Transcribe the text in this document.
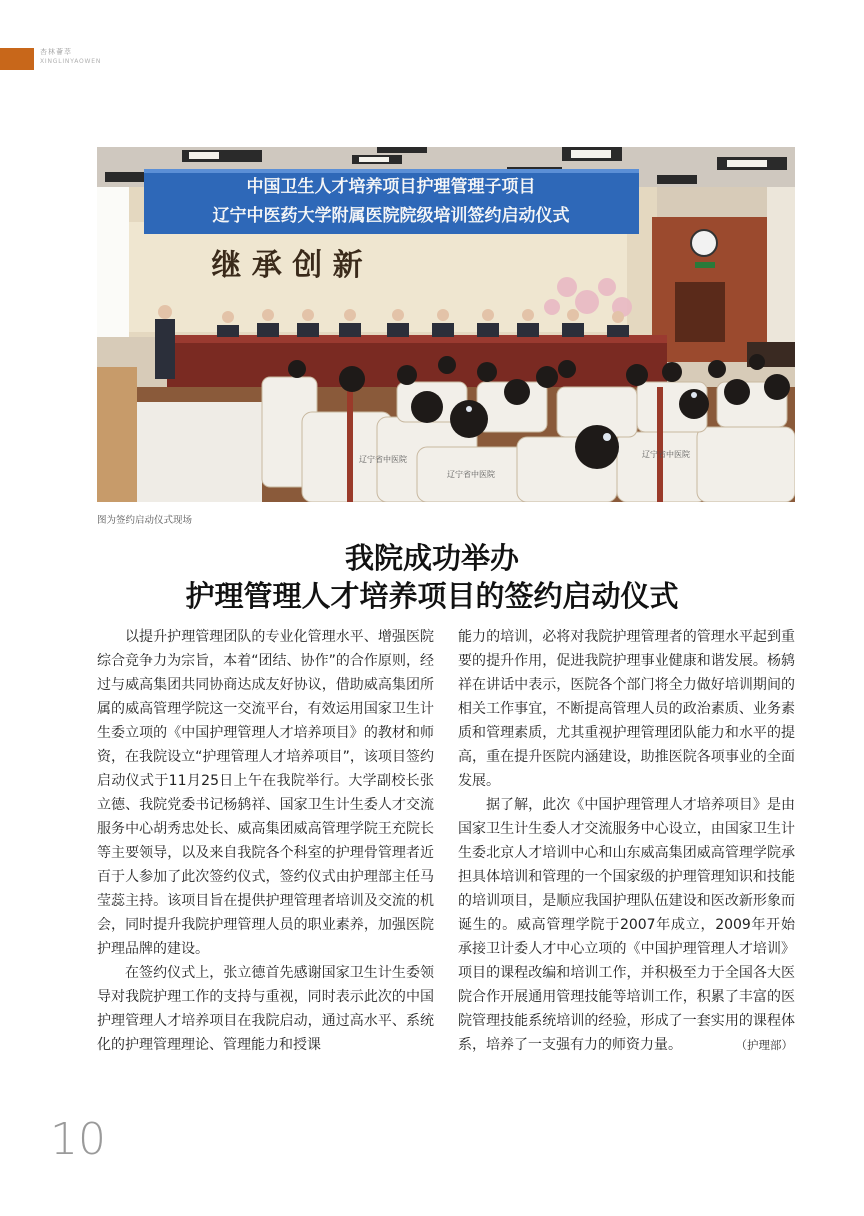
杏林薈萃
XINGLINYAOWEN
中国卫生人才培养项目护理管理子项目
辽宁中医药大学附属医院院级培训签约启动仪式
继 承 创 新
辽宁省中医院
辽宁省中医院
辽宁省中医院
图为签约启动仪式现场
我院成功举办
护理管理人才培养项目的签约启动仪式

以提升护理管理团队的专业化管理水平、增强医院综合竞争力为宗旨，本着“团结、协作”的合作原则，经过与威高集团共同协商达成友好协议，借助威高集团所属的威高管理学院这一交流平台，有效运用国家卫生计生委立项的《中国护理管理人才培养项目》的教材和师资，在我院设立“护理管理人才培养项目”，该项目签约启动仪式于11月25日上午在我院举行。大学副校长张立德、我院党委书记杨鸫祥、国家卫生计生委人才交流服务中心胡秀忠处长、威高集团威高管理学院王充院长等主要领导，以及来自我院各个科室的护理骨管理者近百于人参加了此次签约仪式，签约仪式由护理部主任马莹蕊主持。该项目旨在提供护理管理者培训及交流的机会，同时提升我院护理管理人员的职业素养，加强医院护理品牌的建设。

在签约仪式上，张立德首先感谢国家卫生计生委领导对我院护理工作的支持与重视，同时表示此次的中国护理管理人才培养项目在我院启动，通过高水平、系统化的护理管理理论、管理能力和授课

能力的培训，必将对我院护理管理者的管理水平起到重要的提升作用，促进我院护理事业健康和谐发展。杨鸫祥在讲话中表示，医院各个部门将全力做好培训期间的相关工作事宜，不断提高管理人员的政治素质、业务素质和管理素质，尤其重视护理管理团队能力和水平的提高，重在提升医院内涵建设，助推医院各项事业的全面发展。

据了解，此次《中国护理管理人才培养项目》是由国家卫生计生委人才交流服务中心设立，由国家卫生计生委北京人才培训中心和山东威高集团威高管理学院承担具体培训和管理的一个国家级的护理管理知识和技能的培训项目，是顺应我国护理队伍建设和医改新形象而诞生的。威高管理学院于2007年成立，2009年开始承接卫计委人才中心立项的《中国护理管理人才培训》项目的课程改编和培训工作，并积极至力于全国各大医院合作开展通用管理技能等培训工作，积累了丰富的医院管理技能系统培训的经验，形成了一套实用的课程体系，培养了一支强有力的师资力量。	（护理部）

10
